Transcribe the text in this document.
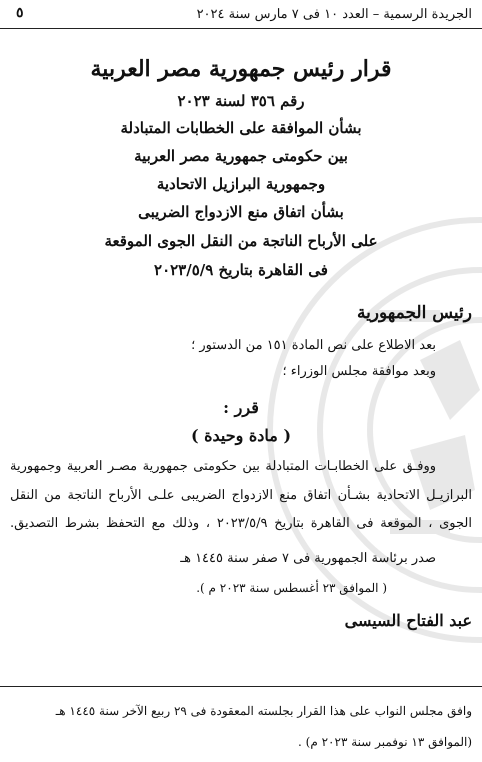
الجريدة الرسمية – العدد ١٠ فى ٧ مارس سنة ٢٠٢٤
٥
قرار رئيس جمهورية مصر العربية
رقم ٣٥٦ لسنة ٢٠٢٣
بشأن الموافقة على الخطابات المتبادلة
بين حكومتى جمهورية مصر العربية
وجمهورية البرازيل الاتحادية
بشأن اتفاق منع الازدواج الضريبى
على الأرباح الناتجة من النقل الجوى الموقعة
فى القاهرة بتاريخ ٢٠٢٣/٥/٩
رئيس الجمهورية
بعد الاطلاع على نص المادة ١٥١ من الدستور ؛
وبعد موافقة مجلس الوزراء ؛
قرر :
( مادة وحيدة )
ووفـق على الخطابـات المتبادلة بين حكومتى جمهورية مصـر العربية وجمهورية
البرازيـل الاتحادية بشـأن اتفاق منع الازدواج الضريبى علـى الأرباح الناتجة من النقل
الجوى ، الموقعة فى القاهرة بتاريخ ٢٠٢٣/٥/٩ ، وذلك مع التحفظ بشرط التصديق.
صدر برئاسة الجمهورية فى ٧ صفر سنة ١٤٤٥ هـ
( الموافق ٢٣ أغسطس سنة ٢٠٢٣ م ).
عبد الفتاح السيسى
وافق مجلس النواب على هذا القرار بجلسته المعقودة فى ٢٩ ربيع الآخر سنة ١٤٤٥ هـ
(الموافق ١٣ نوفمبر سنة ٢٠٢٣ م) .
